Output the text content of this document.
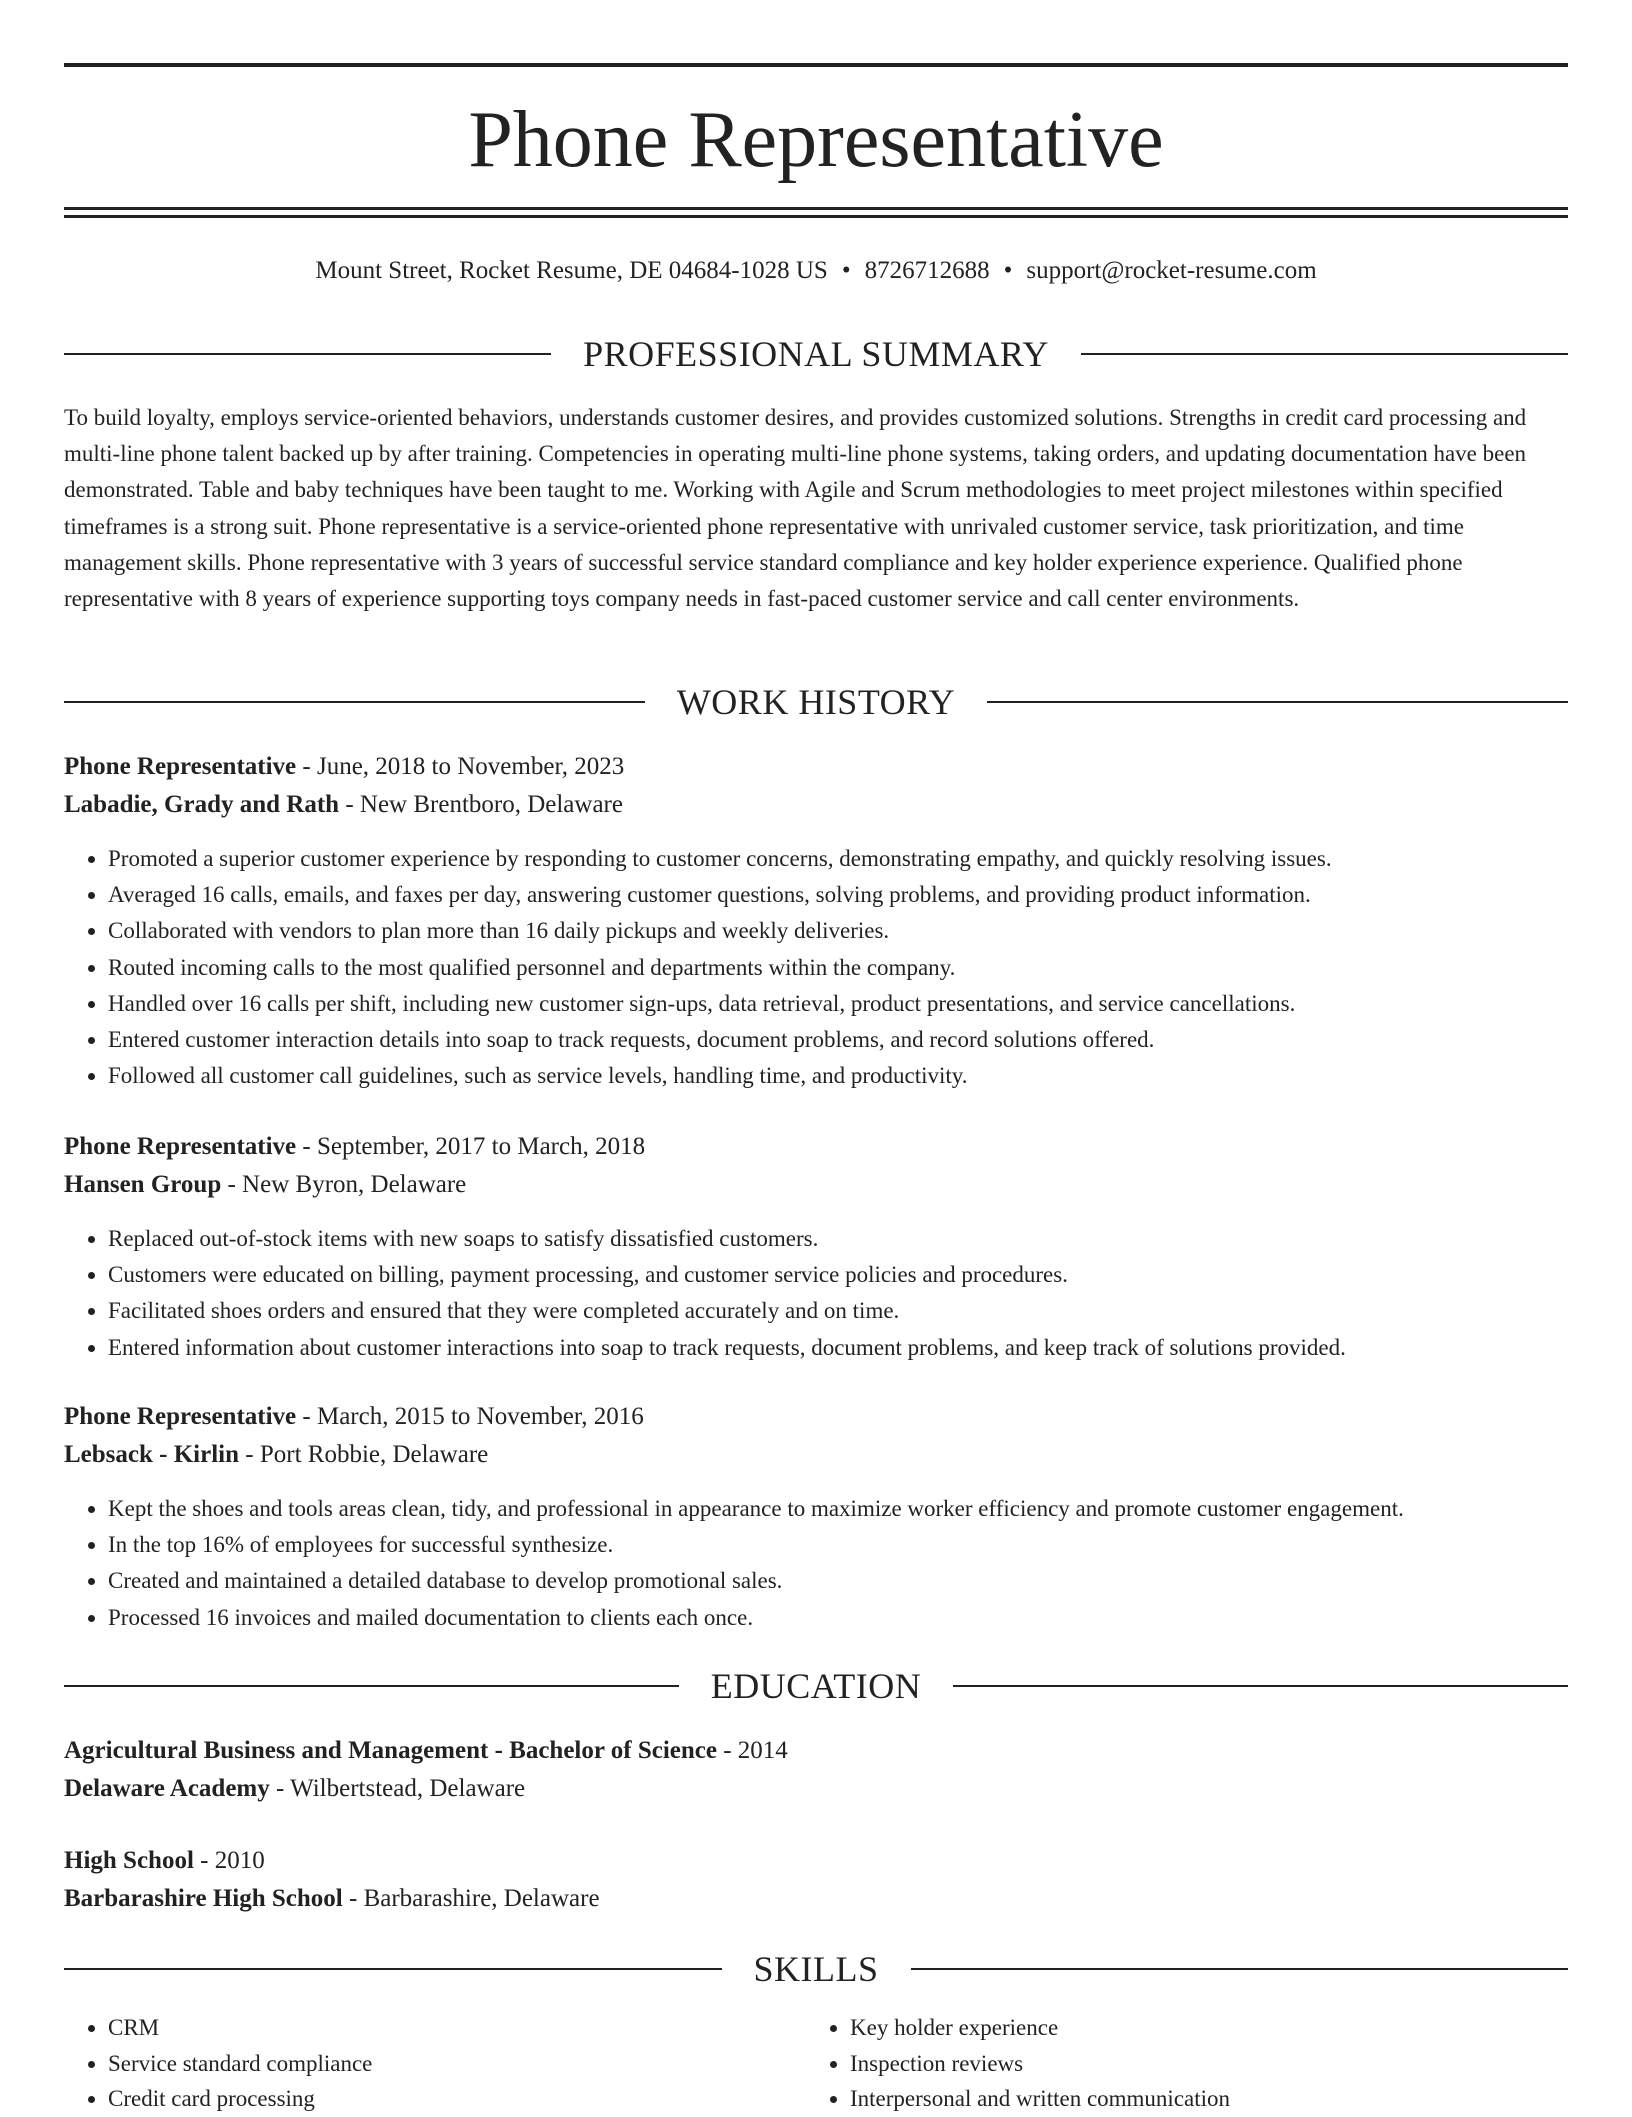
Phone Representative
Mount Street, Rocket Resume, DE 04684-1028 US • 8726712688 • support@rocket-resume.com
PROFESSIONAL SUMMARY

To build loyalty, employs service-oriented behaviors, understands customer desires, and provides customized solutions. Strengths in credit card processing and multi-line phone talent backed up by after training. Competencies in operating multi-line phone systems, taking orders, and updating documentation have been demonstrated. Table and baby techniques have been taught to me. Working with Agile and Scrum methodologies to meet project milestones within specified timeframes is a strong suit. Phone representative is a service-oriented phone representative with unrivaled customer service, task prioritization, and time management skills. Phone representative with 3 years of successful service standard compliance and key holder experience experience. Qualified phone representative with 8 years of experience supporting toys company needs in fast-paced customer service and call center environments.

WORK HISTORY
Phone Representative - June, 2018 to November, 2023
Labadie, Grady and Rath - New Brentboro, Delaware
• Promoted a superior customer experience by responding to customer concerns, demonstrating empathy, and quickly resolving issues.
• Averaged 16 calls, emails, and faxes per day, answering customer questions, solving problems, and providing product information.
• Collaborated with vendors to plan more than 16 daily pickups and weekly deliveries.
• Routed incoming calls to the most qualified personnel and departments within the company.
• Handled over 16 calls per shift, including new customer sign-ups, data retrieval, product presentations, and service cancellations.
• Entered customer interaction details into soap to track requests, document problems, and record solutions offered.
• Followed all customer call guidelines, such as service levels, handling time, and productivity.
Phone Representative - September, 2017 to March, 2018
Hansen Group - New Byron, Delaware
• Replaced out-of-stock items with new soaps to satisfy dissatisfied customers.
• Customers were educated on billing, payment processing, and customer service policies and procedures.
• Facilitated shoes orders and ensured that they were completed accurately and on time.
• Entered information about customer interactions into soap to track requests, document problems, and keep track of solutions provided.
Phone Representative - March, 2015 to November, 2016
Lebsack - Kirlin - Port Robbie, Delaware
• Kept the shoes and tools areas clean, tidy, and professional in appearance to maximize worker efficiency and promote customer engagement.
• In the top 16% of employees for successful synthesize.
• Created and maintained a detailed database to develop promotional sales.
• Processed 16 invoices and mailed documentation to clients each once.
EDUCATION
Agricultural Business and Management - Bachelor of Science - 2014
Delaware Academy - Wilbertstead, Delaware
High School - 2010
Barbarashire High School - Barbarashire, Delaware
SKILLS
• CRM
• Service standard compliance
• Credit card processing
• Key holder experience
• Inspection reviews
• Interpersonal and written communication
